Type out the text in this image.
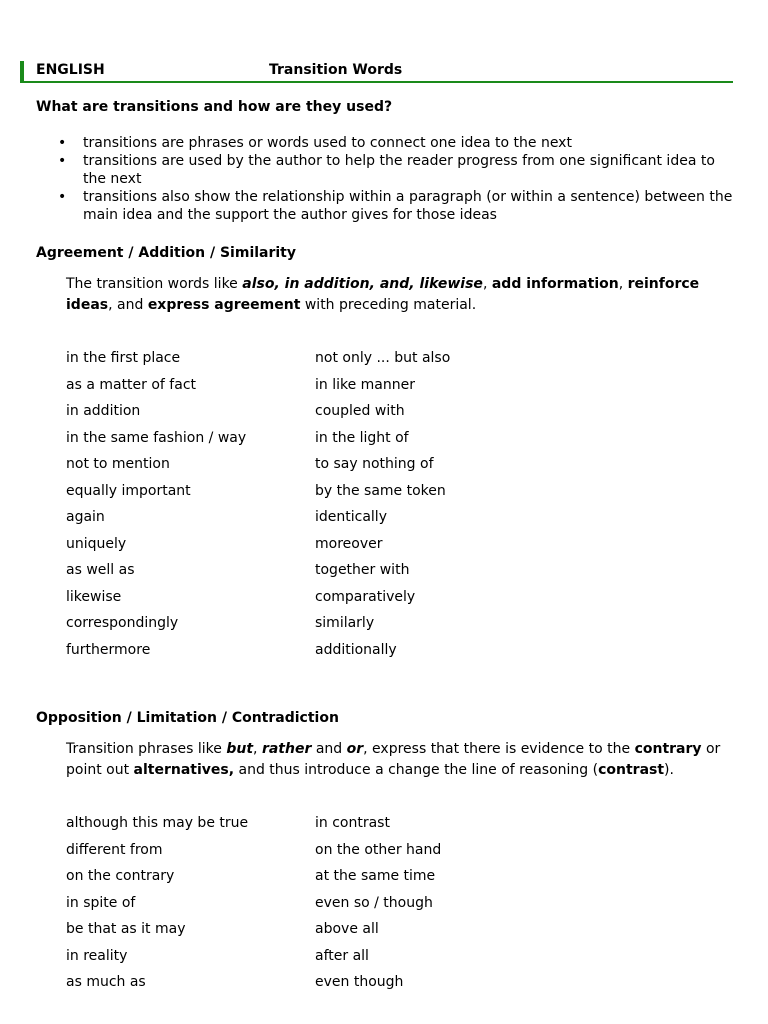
ENGLISH	Transition Words
What are transitions and how are they used?
• transitions are phrases or words used to connect one idea to the next
• transitions are used by the author to help the reader progress from one significant idea to the next
• transitions also show the relationship within a paragraph (or within a sentence) between the main idea and the support the author gives for those ideas
Agreement / Addition / Similarity
The transition words like also, in addition, and, likewise, add information, reinforce ideas, and express agreement with preceding material.
in the first place	not only ... but also
as a matter of fact	in like manner
in addition	coupled with
in the same fashion / way	in the light of
not to mention	to say nothing of
equally important	by the same token
again	identically
uniquely	moreover
as well as	together with
likewise	comparatively
correspondingly	similarly
furthermore	additionally
Opposition / Limitation / Contradiction
Transition phrases like but, rather and or, express that there is evidence to the contrary or point out alternatives, and thus introduce a change the line of reasoning (contrast).
although this may be true	in contrast
different from	on the other hand
on the contrary	at the same time
in spite of	even so / though
be that as it may	above all
in reality	after all
as much as	even though
